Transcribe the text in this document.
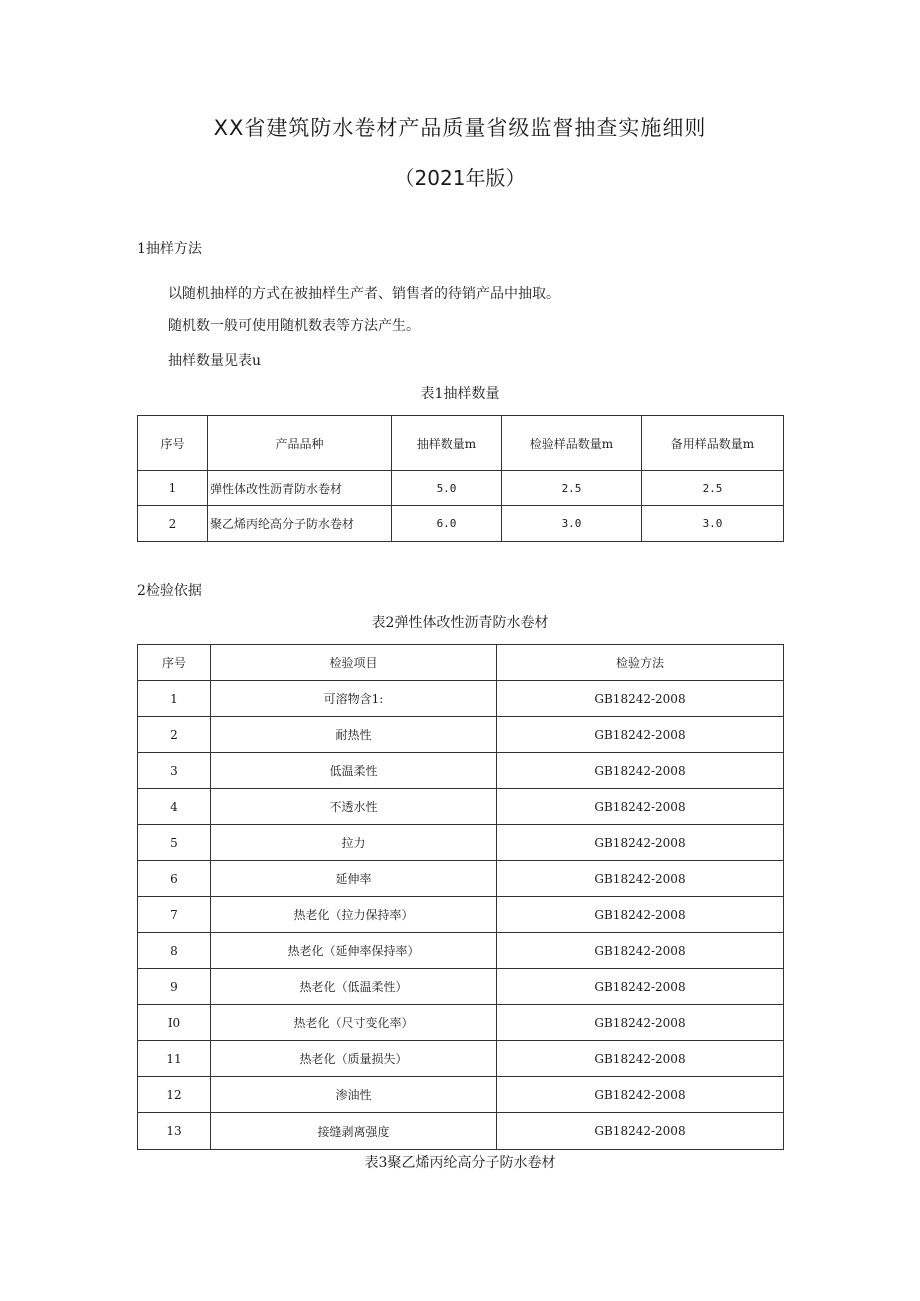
XX省建筑防水卷材产品质量省级监督抽查实施细则
（2021年版）
1抽样方法
以随机抽样的方式在被抽样生产者、销售者的待销产品中抽取。
随机数一般可使用随机数表等方法产生。
抽样数量见表u
表1抽样数量
序号	产品品种	抽样数量m	检验样品数量m	备用样品数量m
1	弹性体改性沥青防水卷材	5.0	2.5	2.5
2	聚乙烯丙纶高分子防水卷材	6.0	3.0	3.0
2检验依据
表2弹性体改性沥青防水卷材
序号	检验项目	检验方法
1	可溶物含1:	GB18242-2008
2	耐热性	GB18242-2008
3	低温柔性	GB18242-2008
4	不透水性	GB18242-2008
5	拉力	GB18242-2008
6	延伸率	GB18242-2008
7	热老化（拉力保持率）	GB18242-2008
8	热老化（延伸率保持率）	GB18242-2008
9	热老化（低温柔性）	GB18242-2008
I0	热老化（尺寸变化率）	GB18242-2008
11	热老化（质量损失）	GB18242-2008
12	渗油性	GB18242-2008
13	接缝剥离强度	GB18242-2008
表3聚乙烯丙纶高分子防水卷材
